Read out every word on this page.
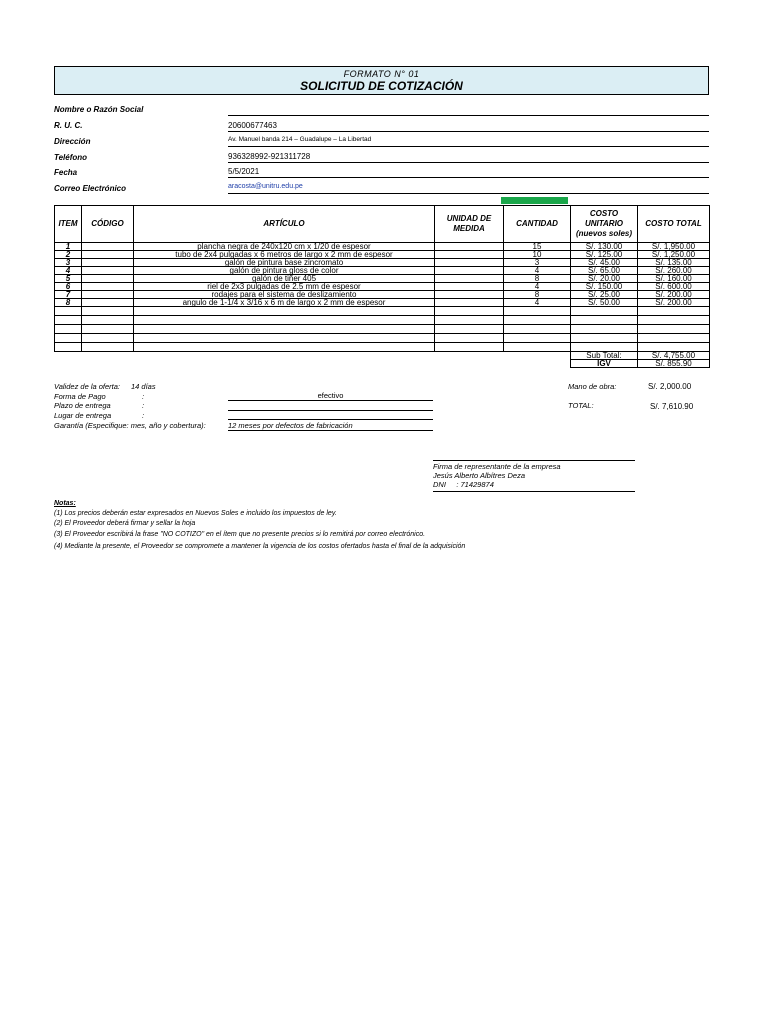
FORMATO N° 01
SOLICITUD DE COTIZACIÓN
Nombre o Razón Social
R. U. C.	20600677463
Dirección	Av. Manuel banda 214 – Guadalupe – La Libertad
Teléfono	936328992-921311728
Fecha	5/5/2021
Correo Electrónico	aracosta@unitru.edu.pe
ITEM	CÓDIGO	ARTÍCULO	UNIDAD DE MEDIDA	CANTIDAD	COSTO UNITARIO (nuevos soles)	COSTO TOTAL
1		plancha negra de 240x120 cm x 1/20 de espesor		15	S/. 130.00	S/. 1,950.00
2		tubo de 2x4 pulgadas x 6 metros de largo x 2 mm de espesor		10	S/. 125.00	S/. 1,250.00
3		galón de pintura base zincromato		3	S/. 45.00	S/. 135.00
4		galón de pintura gloss de color		4	S/. 65.00	S/. 260.00
5		galón de tiñer 405		8	S/. 20.00	S/. 160.00
6		riel de 2x3 pulgadas de 2.5 mm de espesor		4	S/. 150.00	S/. 600.00
7		rodajes para el sistema de deslizamiento		8	S/. 25.00	S/. 200.00
8		angulo de 1-1/4 x 3/16 x 6 m de largo x 2 mm de espesor		4	S/. 50.00	S/. 200.00

					Sub Total:	S/. 4,755.00
					IGV	S/. 855.90
Mano de obra:	S/. 2,000.00
TOTAL:	S/. 7,610.90
Validez de la oferta: 14 días
Forma de Pago	:	efectivo
Plazo de entrega	:
Lugar de entrega	:
Garantía (Especifique: mes, año y cobertura):	12 meses por defectos de fabricación
Firma de representante de la empresa
Jesús Alberto Albítres Deza
DNI     : 71429874
Notas:
(1) Los precios deberán estar expresados en Nuevos Soles e incluido los impuestos de ley.
(2) El Proveedor deberá firmar y sellar la hoja
(3) El Proveedor escribirá la frase "NO COTIZO" en el ítem que no presente precios si lo remitirá por correo electrónico.
(4) Mediante la presente, el Proveedor se compromete a mantener la vigencia de los costos ofertados hasta el final de la adquisición
